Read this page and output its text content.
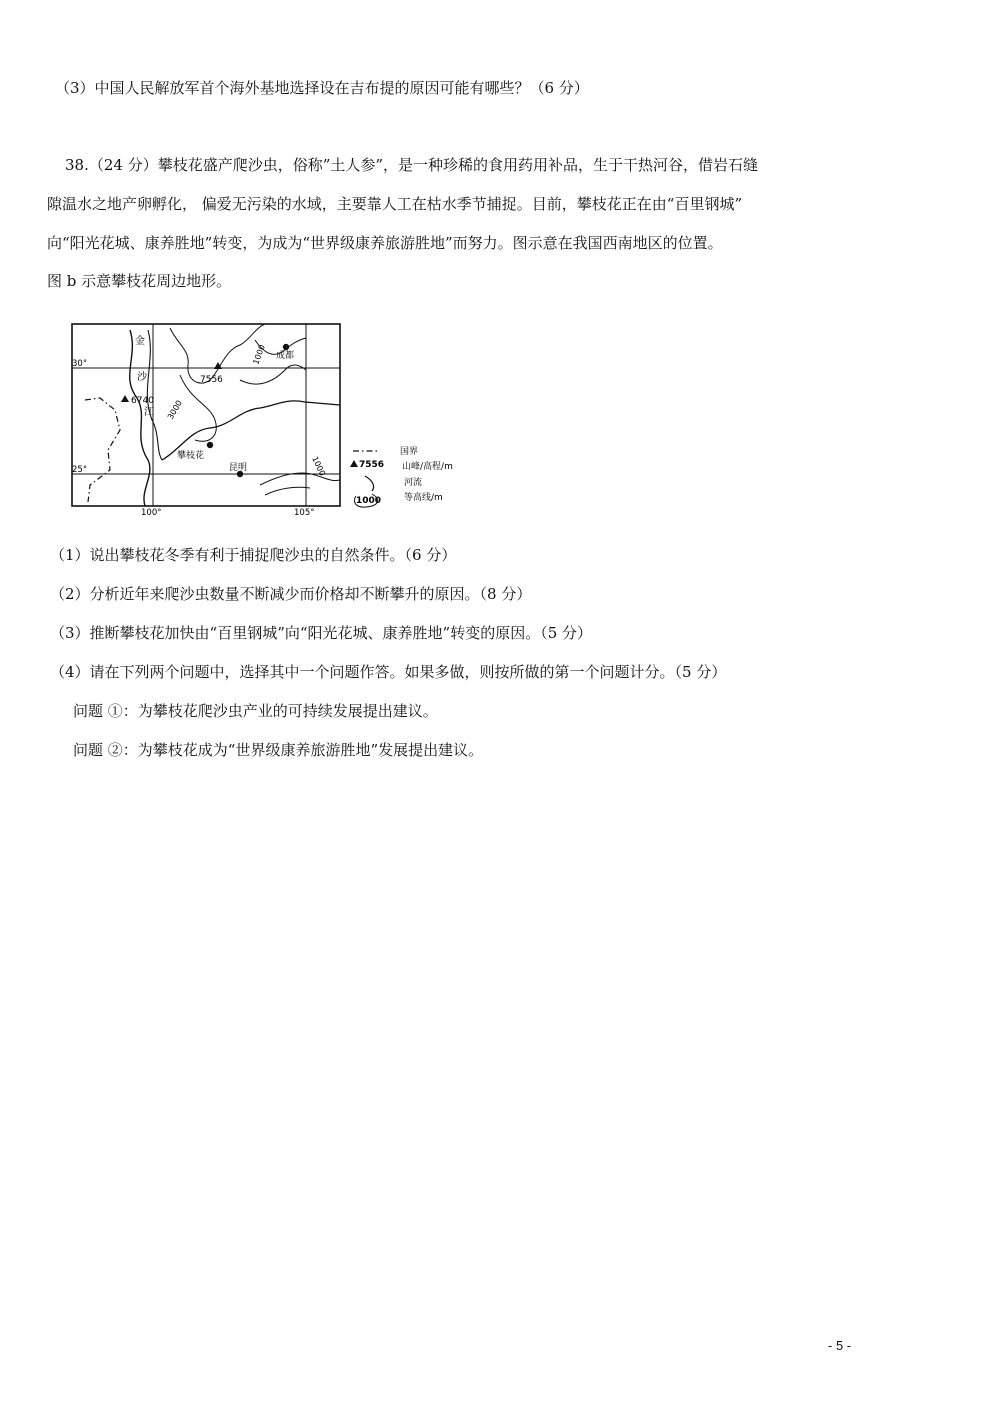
（3）中国人民解放军首个海外基地选择设在吉布提的原因可能有哪些？（6 分）
38.（24 分）攀枝花盛产爬沙虫，俗称”土人参”，是一种珍稀的食用药用补品，生于干热河谷，借岩石缝
隙温水之地产卵孵化， 偏爱无污染的水域，主要靠人工在枯水季节捕捉。目前，攀枝花正在由“百里钢城”
向“阳光花城、康养胜地”转变，为成为“世界级康养旅游胜地”而努力。图示意在我国西南地区的位置。
图 b 示意攀枝花周边地形。
金
沙
江
成都
攀枝花
昆明
7556
6740
1000
3000
1000
30°
25°
100°	105°
国界
7556 山峰/高程/m
河流
1000	等高线/m
（1）说出攀枝花冬季有利于捕捉爬沙虫的自然条件。（6 分）
（2）分析近年来爬沙虫数量不断减少而价格却不断攀升的原因。（8 分）
（3）推断攀枝花加快由“百里钢城”向“阳光花城、康养胜地”转变的原因。（5 分）
（4）请在下列两个问题中，选择其中一个问题作答。如果多做，则按所做的第一个问题计分。（5 分）
问题 ①：为攀枝花爬沙虫产业的可持续发展提出建议。
问题 ②：为攀枝花成为“世界级康养旅游胜地”发展提出建议。
- 5 -
